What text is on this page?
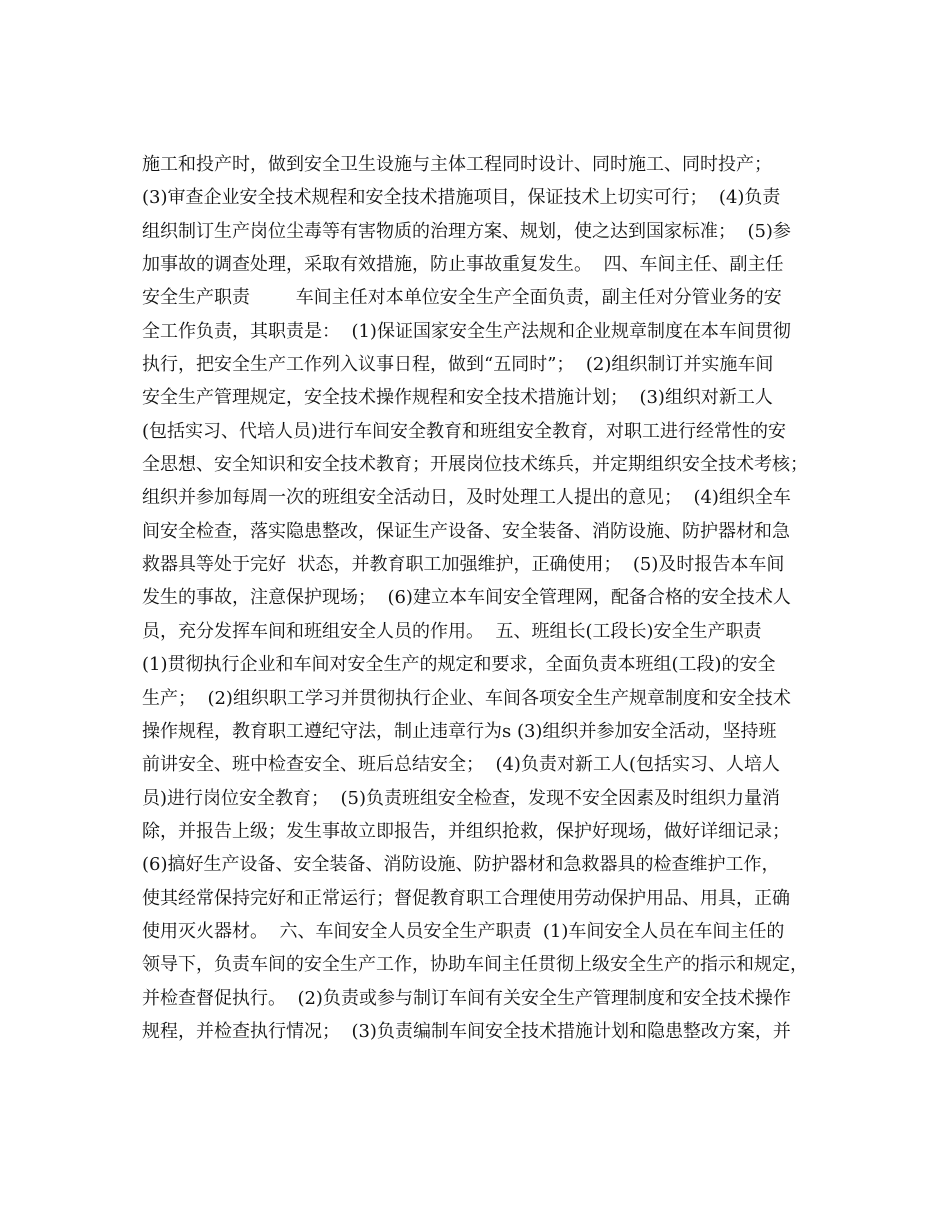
施工和投产时，做到安全卫生设施与主体工程同时设计、同时施工、同时投产；
(3)审查企业安全技术规程和安全技术措施项目，保证技术上切实可行；  (4)负责
组织制订生产岗位尘毒等有害物质的治理方案、规划，使之达到国家标准；  (5)参
加事故的调查处理，采取有效措施，防止事故重复发生。  四、车间主任、副主任
安全生产职责        车间主任对本单位安全生产全面负责，副主任对分管业务的安
全工作负责，其职责是：  (1)保证国家安全生产法规和企业规章制度在本车间贯彻
执行，把安全生产工作列入议事日程，做到“五同时”；  (2)组织制订并实施车间
安全生产管理规定，安全技术操作规程和安全技术措施计划；  (3)组织对新工人
(包括实习、代培人员)进行车间安全教育和班组安全教育，对职工进行经常性的安
全思想、安全知识和安全技术教育；开展岗位技术练兵，并定期组织安全技术考核；
组织并参加每周一次的班组安全活动日，及时处理工人提出的意见；  (4)组织全车
间安全检查，落实隐患整改，保证生产设备、安全装备、消防设施、防护器材和急
救器具等处于完好  状态，并教育职工加强维护，正确使用；  (5)及时报告本车间
发生的事故，注意保护现场；  (6)建立本车间安全管理网，配备合格的安全技术人
员，充分发挥车间和班组安全人员的作用。  五、班组长(工段长)安全生产职责
(1)贯彻执行企业和车间对安全生产的规定和要求，全面负责本班组(工段)的安全
生产；  (2)组织职工学习并贯彻执行企业、车间各项安全生产规章制度和安全技术
操作规程，教育职工遵纪守法，制止违章行为s (3)组织并参加安全活动，坚持班
前讲安全、班中检查安全、班后总结安全；  (4)负责对新工人(包括实习、人培人
员)进行岗位安全教育；  (5)负责班组安全检查，发现不安全因素及时组织力量消
除，并报告上级；发生事故立即报告，并组织抢救，保护好现场，做好详细记录；
(6)搞好生产设备、安全装备、消防设施、防护器材和急救器具的检查维护工作，
使其经常保持完好和正常运行；督促教育职工合理使用劳动保护用品、用具，正确
使用灭火器材。  六、车间安全人员安全生产职责  (1)车间安全人员在车间主任的
领导下，负责车间的安全生产工作，协助车间主任贯彻上级安全生产的指示和规定，
并检查督促执行。  (2)负责或参与制订车间有关安全生产管理制度和安全技术操作
规程，并检查执行情况；  (3)负责编制车间安全技术措施计划和隐患整改方案，并
